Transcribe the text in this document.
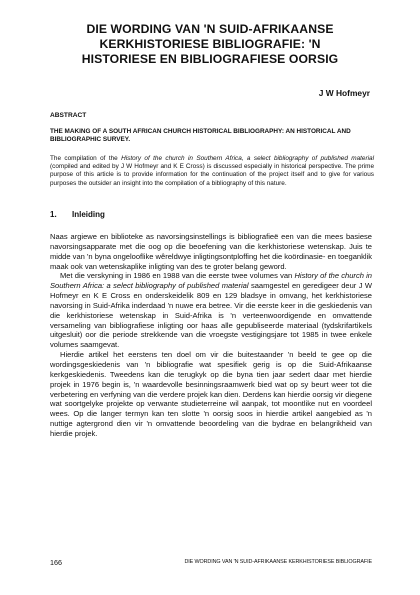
DIE WORDING VAN 'N SUID-AFRIKAANSE
KERKHISTORIESE BIBLIOGRAFIE: 'N
HISTORIESE EN BIBLIOGRAFIESE OORSIG
J W Hofmeyr
ABSTRACT
THE MAKING OF A SOUTH AFRICAN CHURCH HISTORICAL BIBLIOGRAPHY: AN HISTORICAL AND BIBLIOGRAPHIC SURVEY.
The compilation of the History of the church in Southern Africa, a select bibliography of published material (compiled and edited by J W Hofmeyr and K E Cross) is discussed especially in historical perspective. The prime purpose of this article is to provide information for the continuation of the project itself and to give for various purposes the outsider an insight into the compilation of a bibliography of this nature.
1. Inleiding

Naas argiewe en biblioteke as navorsingsinstellings is bibliografieë een van die mees basiese navorsingsapparate met die oog op die beoefening van die kerkhistoriese wetenskap. Juis te midde van 'n byna ongelooflike wêreldwye inligtingsontploffing het die koördinasie- en toeganklik maak ook van wetenskaplike inligting van des te groter belang geword.

Met die verskyning in 1986 en 1988 van die eerste twee volumes van History of the church in Southern Africa: a select bibliography of published material saamgestel en geredigeer deur J W Hofmeyr en K E Cross en onderskeidelik 809 en 129 bladsye in omvang, het kerkhistoriese navorsing in Suid-Afrika inderdaad 'n nuwe era betree. Vir die eerste keer in die geskiedenis van die kerkhistoriese wetenskap in Suid-Afrika is 'n verteenwoordigende en omvattende versameling van bibliografiese inligting oor haas alle gepubliseerde materiaal (tydskrifartikels uitgesluit) oor die periode strekkende van die vroegste vestigingsjare tot 1985 in twee enkele volumes saamgevat.

Hierdie artikel het eerstens ten doel om vir die buitestaander 'n beeld te gee op die wordingsgeskiedenis van 'n bibliografie wat spesifiek gerig is op die Suid-Afrikaanse kerkgeskiedenis. Tweedens kan die terugkyk op die byna tien jaar sedert daar met hierdie projek in 1976 begin is, 'n waardevolle besinningsraamwerk bied wat op sy beurt weer tot die verbetering en verfyning van die verdere projek kan dien. Derdens kan hierdie oorsig vir diegene wat soortgelyke projekte op verwante studieterreine wil aanpak, tot moontlike nut en voordeel wees. Op die langer termyn kan ten slotte 'n oorsig soos in hierdie artikel aangebied as 'n nuttige agtergrond dien vir 'n omvattende beoordeling van die bydrae en belangrikheid van hierdie projek.

166	DIE WORDING VAN 'N SUID-AFRIKAANSE KERKHISTORIESE BIBLIOGRAFIE
